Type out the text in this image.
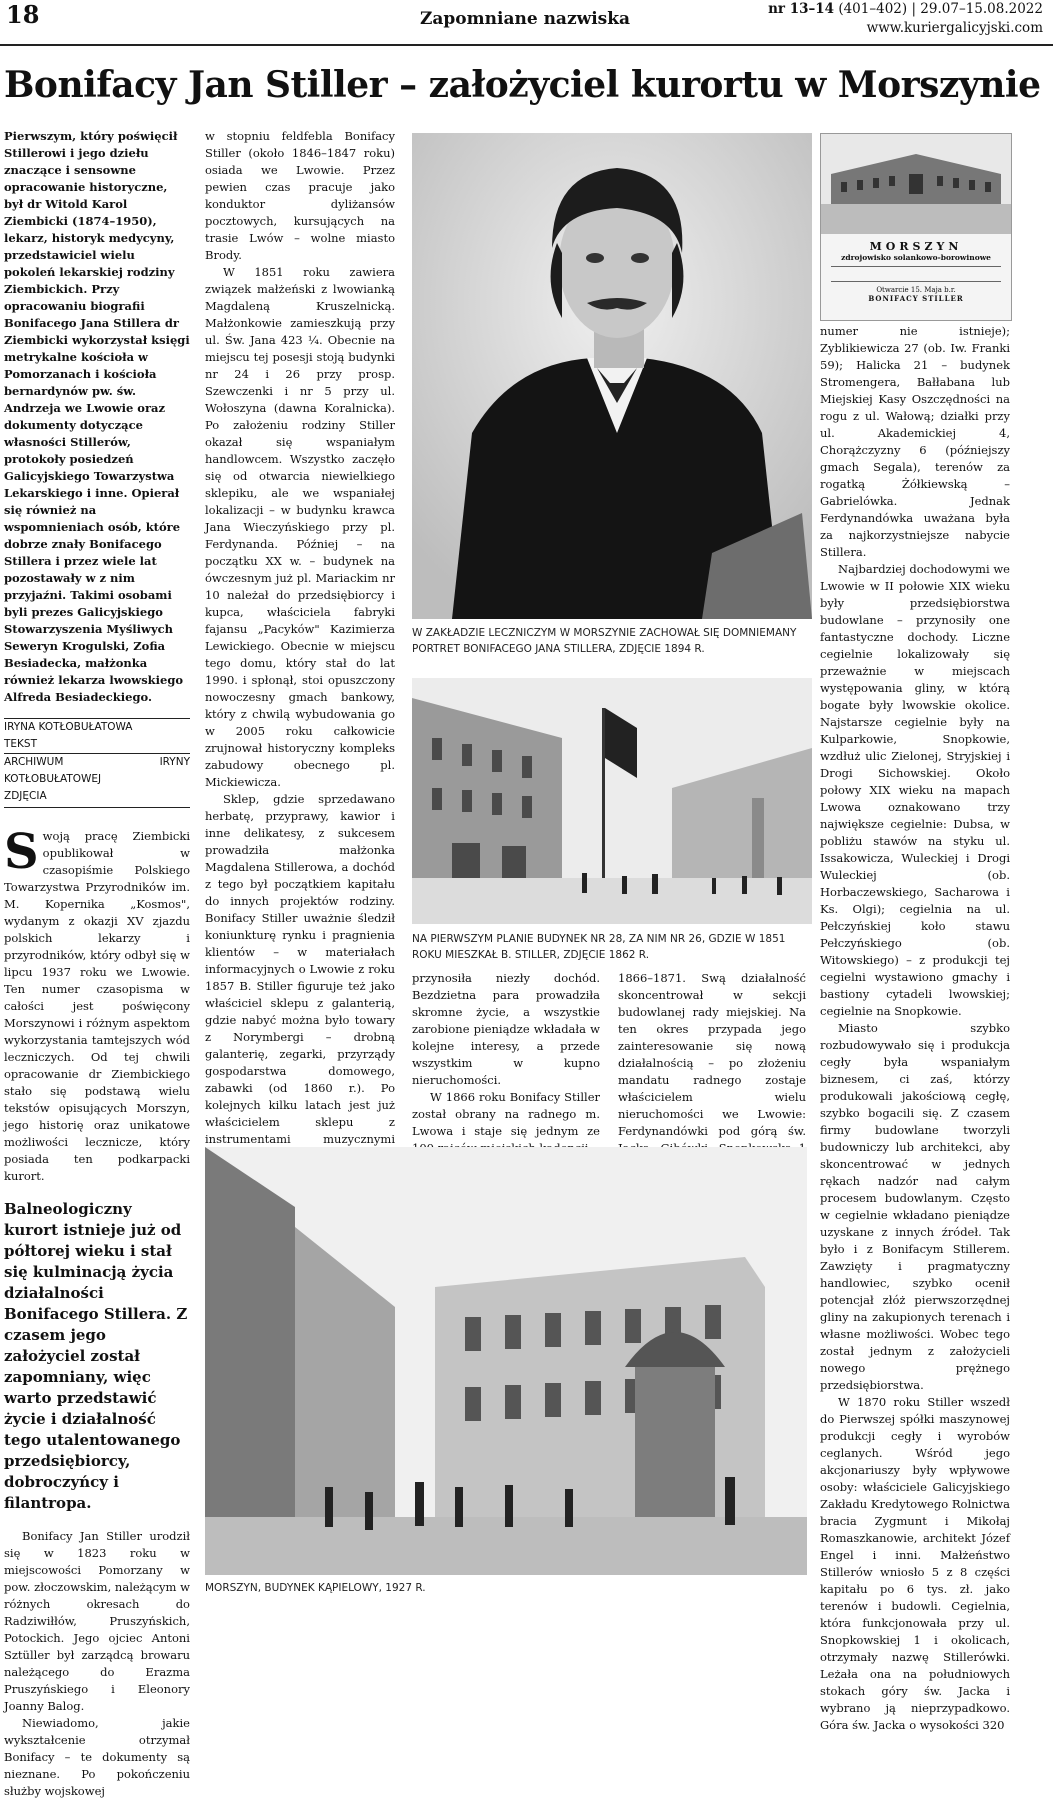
18	Zapomniane nazwiska	nr 13–14 (401–402) | 29.07–15.08.2022
www.kuriergalicyjski.com
Bonifacy Jan Stiller – założyciel kurortu w Morszynie

Pierwszym, który poświęcił Stillerowi i jego dziełu znaczące i sensowne opracowanie historyczne, był dr Witold Karol Ziembicki (1874–1950), lekarz, historyk medycyny, przedstawiciel wielu pokoleń lekarskiej rodziny Ziembickich. Przy opracowaniu biografii Bonifacego Jana Stillera dr Ziembicki wykorzystał księgi metrykalne kościoła w Pomorzanach i kościoła bernardynów pw. św. Andrzeja we Lwowie oraz dokumenty dotyczące własności Stillerów, protokoły posiedzeń Galicyjskiego Towarzystwa Lekarskiego i inne. Opierał się również na wspomnieniach osób, które dobrze znały Bonifacego Stillera i przez wiele lat pozostawały w z nim przyjaźni. Takimi osobami byli prezes Galicyjskiego Stowarzyszenia Myśliwych Seweryn Krogulski, Zofia Besiadecka, małżonka również lekarza lwowskiego Alfreda Besiadeckiego.

IRYNA KOTŁOBUŁATOWA
TEKST
ARCHIWUM IRYNY KOTŁOBUŁATOWEJ
ZDJĘCIA

Swoją pracę Ziembicki opublikował w czasopiśmie Polskiego Towarzystwa Przyrodników im. M. Kopernika „Kosmos", wydanym z okazji XV zjazdu polskich lekarzy i przyrodników, który odbył się w lipcu 1937 roku we Lwowie. Ten numer czasopisma w całości jest poświęcony Morszynowi i różnym aspektom wykorzystania tamtejszych wód leczniczych. Od tej chwili opracowanie dr Ziembickiego stało się podstawą wielu tekstów opisujących Morszyn, jego historię oraz unikatowe możliwości lecznicze, który posiada ten podkarpacki kurort.

Balneologiczny kurort istnieje już od półtorej wieku i stał się kulminacją życia działalności Bonifacego Stillera. Z czasem jego założyciel został zapomniany, więc warto przedstawić życie i działalność tego utalentowanego przedsiębiorcy, dobroczyńcy i filantropa.

Bonifacy Jan Stiller urodził się w 1823 roku w miejscowości Pomorzany w pow. złoczowskim, należącym w różnych okresach do Radziwiłłów, Pruszyńskich, Potockich. Jego ojciec Antoni Sztüller był zarządcą browaru należącego do Erazma Pruszyńskiego i Eleonory Joanny Balog.

Niewiadomo, jakie wykształcenie otrzymał Bonifacy – te dokumenty są nieznane. Po pokończeniu służby wojskowej

w stopniu feldfebla Bonifacy Stiller (około 1846–1847 roku) osiada we Lwowie. Przez pewien czas pracuje jako konduktor dyliżansów pocztowych, kursujących na trasie Lwów – wolne miasto Brody.

W 1851 roku zawiera związek małżeński z lwowianką Magdaleną Kruszelnicką. Małżonkowie zamieszkują przy ul. Św. Jana 423 ¼. Obecnie na miejscu tej posesji stoją budynki nr 24 i 26 przy prosp. Szewczenki i nr 5 przy ul. Wołoszyna (dawna Koralnicka). Po założeniu rodziny Stiller okazał się wspaniałym handlowcem. Wszystko zaczęło się od otwarcia niewielkiego sklepiku, ale we wspaniałej lokalizacji – w budynku krawca Jana Wieczyńskiego przy pl. Ferdynanda. Później – na początku XX w. – budynek na ówczesnym już pl. Mariackim nr 10 należał do przedsiębiorcy i kupca, właściciela fabryki fajansu „Pacyków" Kazimierza Lewickiego. Obecnie w miejscu tego domu, który stał do lat 1990. i spłonął, stoi opuszczony nowoczesny gmach bankowy, który z chwilą wybudowania go w 2005 roku całkowicie zrujnował historyczny kompleks zabudowy obecnego pl. Mickiewicza.

Sklep, gdzie sprzedawano herbatę, przyprawy, kawior i inne delikatesy, z sukcesem prowadziła małżonka Magdalena Stillerowa, a dochód z tego był początkiem kapitału do innych projektów rodziny. Bonifacy Stiller uważnie śledził koniunkturę rynku i pragnienia klientów – w materiałach informacyjnych o Lwowie z roku 1857 B. Stiller figuruje też jako właściciel sklepu z galanterią, gdzie nabyć można było towary z Norymbergi – drobną galanterię, zegarki, przyrządy gospodarstwa domowego, zabawki (od 1860 r.). Po kolejnych kilku latach jest już właścicielem sklepu z instrumentami muzycznymi

W ZAKŁADZIE LECZNICZYM W MORSZYNIE ZACHOWAŁ SIĘ DOMNIEMANY PORTRET BONIFACEGO JANA STILLERA, ZDJĘCIE 1894 R.
NA PIERWSZYM PLANIE BUDYNEK NR 28, ZA NIM NR 26, GDZIE W 1851 ROKU MIESZKAŁ B. STILLER, ZDJĘCIE 1862 R.

przynosiła niezły dochód. Bezdzietna para prowadziła skromne życie, a wszystkie zarobione pieniądze wkładała w kolejne interesy, a przede wszystkim w kupno nieruchomości.

W 1866 roku Bonifacy Stiller został obrany na radnego m. Lwowa i staje się jednym ze

1866–1871. Swą działalność skoncentrował w sekcji budowlanej rady miejskiej. Na ten okres przypada jego zainteresowanie się nową działalnością – po złożeniu mandatu radnego zostaje właścicielem wielu nieruchomości we Lwowie: Ferdynandówki pod górą św.

MORSZYN, BUDYNEK KĄPIELOWY, 1927 R.
MORSZYN
zdrojowisko solankowo-borowinowe
Otwarcie 15. Maja b.r.
BONIFACY STILLER

numer nie istnieje); Zyblikiewicza 27 (ob. Iw. Franki 59); Halicka 21 – budynek Stromengera, Bałłabana lub Miejskiej Kasy Oszczędności na rogu z ul. Wałową; działki przy ul. Akademickiej 4, Chorążczyzny 6 (późniejszy gmach Segala), terenów za rogatką Żółkiewską – Gabrielówka. Jednak Ferdynandówka uważana była za najkorzystniejsze nabycie Stillera.

Najbardziej dochodowymi we Lwowie w II połowie XIX wieku były przedsiębiorstwa budowlane – przynosiły one fantastyczne dochody. Liczne cegielnie lokalizowały się przeważnie w miejscach występowania gliny, w którą bogate były lwowskie okolice. Najstarsze cegielnie były na Kulparkowie, Snopkowie, wzdłuż ulic Zielonej, Stryjskiej i Drogi Sichowskiej. Około połowy XIX wieku na mapach Lwowa oznakowano trzy największe cegielnie: Dubsa, w pobliżu stawów na styku ul. Issakowicza, Wuleckiej i Drogi Wuleckiej (ob. Horbaczewskiego, Sacharowa i Ks. Olgi); cegielnia na ul. Pełczyńskiej koło stawu Pełczyńskiego (ob. Witowskiego) – z produkcji tej cegielni wystawiono gmachy i bastiony cytadeli lwowskiej; cegielnie na Snopkowie.

Miasto szybko rozbudowywało się i produkcja cegły była wspaniałym biznesem, ci zaś, którzy produkowali jakościową cegłę, szybko bogacili się. Z czasem firmy budowlane tworzyli budowniczy lub architekci, aby skoncentrować w jednych rękach nadzór nad całym procesem budowlanym. Często w cegielnie wkładano pieniądze uzyskane z innych źródeł. Tak było i z Bonifacym Stillerem. Zawzięty i pragmatyczny handlowiec, szybko ocenił potencjał złóż pierwszorzędnej gliny na zakupionych terenach i własne możliwości. Wobec tego został jednym z założycieli nowego prężnego przedsiębiorstwa.

W 1870 roku Stiller wszedł do Pierwszej spółki maszynowej produkcji cegły i wyrobów ceglanych. Wśród jego akcjonariuszy były wpływowe osoby: właściciele Galicyjskiego Zakładu Kredytowego Rolnictwa bracia Zygmunt i Mikołaj Romaszkanowie, architekt Józef Engel i inni. Małżeństwo Stillerów wniosło 5 z 8 części kapitału po 6 tys. zł. jako terenów i budowli. Cegielnia, która funkcjonowała przy ul. Snopkowskiej 1 i okolicach, otrzymały nazwę Stillerówki. Leżała ona na południowych stokach góry św. Jacka i wybrano ją nieprzypadkowo. Góra św. Jacka o wysokości 320
